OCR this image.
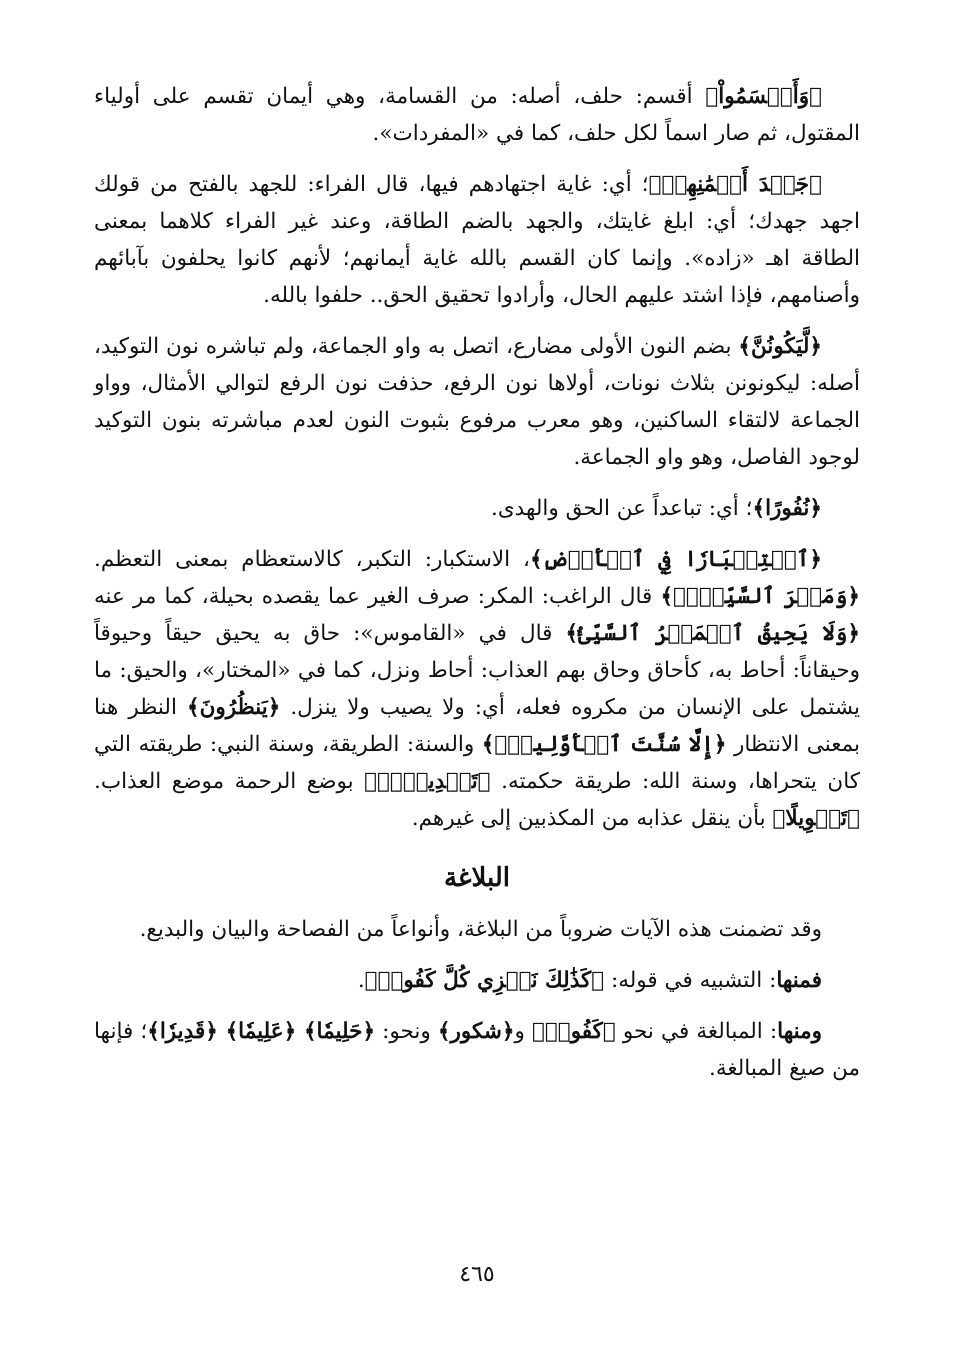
﴿وَأَقۡسَمُواْ﴾ أقسم: حلف، أصله: من القسامة، وهي أيمان تقسم على أولياء المقتول، ثم صار اسماً لكل حلف، كما في «المفردات».

﴿جَهۡدَ أَيۡمَٰنِهِمۡ﴾؛ أي: غاية اجتهادهم فيها، قال الفراء: للجهد بالفتح من قولك اجهد جهدك؛ أي: ابلغ غايتك، والجهد بالضم الطاقة، وعند غير الفراء كلاهما بمعنى الطاقة اهـ «زاده». وإنما كان القسم بالله غاية أيمانهم؛ لأنهم كانوا يحلفون بآبائهم وأصنامهم، فإذا اشتد عليهم الحال، وأرادوا تحقيق الحق.. حلفوا بالله.

﴿لَّيَكُونُنَّ﴾ بضم النون الأولى مضارع، اتصل به واو الجماعة، ولم تباشره نون التوكيد، أصله: ليكونونن بثلاث نونات، أولاها نون الرفع، حذفت نون الرفع لتوالي الأمثال، وواو الجماعة لالتقاء الساكنين، وهو معرب مرفوع بثبوت النون لعدم مباشرته بنون التوكيد لوجود الفاصل، وهو واو الجماعة.

﴿نُفُورًا﴾؛ أي: تباعداً عن الحق والهدى.

﴿ٱسۡتِكۡبَارٗا فِي ٱلۡأَرۡضِ﴾، الاستكبار: التكبر، كالاستعظام بمعنى التعظم. ﴿وَمَكۡرَ ٱلسَّيِّيِٕۚ﴾ قال الراغب: المكر: صرف الغير عما يقصده بحيلة، كما مر عنه ﴿وَلَا يَحِيقُ ٱلۡمَكۡرُ ٱلسَّيِّئُ﴾ قال في «القاموس»: حاق به يحيق حيقاً وحيوقاً وحيقاناً: أحاط به، كأحاق وحاق بهم العذاب: أحاط ونزل، كما في «المختار»، والحيق: ما يشتمل على الإنسان من مكروه فعله، أي: ولا يصيب ولا ينزل. ﴿يَنظُرُونَ﴾ النظر هنا بمعنى الانتظار ﴿إِلَّا سُنَّتَ ٱلۡأَوَّلِينَۚ﴾ والسنة: الطريقة، وسنة النبي: طريقته التي كان يتحراها، وسنة الله: طريقة حكمته. ﴿تَبۡدِيلٗاۖ﴾ بوضع الرحمة موضع العذاب. ﴿تَحۡوِيلًا﴾ بأن ينقل عذابه من المكذبين إلى غيرهم.

البلاغة

وقد تضمنت هذه الآيات ضروباً من البلاغة، وأنواعاً من الفصاحة والبيان والبديع.

فمنها: التشبيه في قوله: ﴿كَذَٰلِكَ نَجۡزِي كُلَّ كَفُورٖ﴾.

ومنها: المبالغة في نحو ﴿كَفُورٖ﴾ و﴿شكور﴾ ونحو: ﴿حَلِيمٗا﴾ ﴿عَلِيمٗا﴾ ﴿قَدِيرٗا﴾؛ فإنها من صيغ المبالغة.

٤٦٥
